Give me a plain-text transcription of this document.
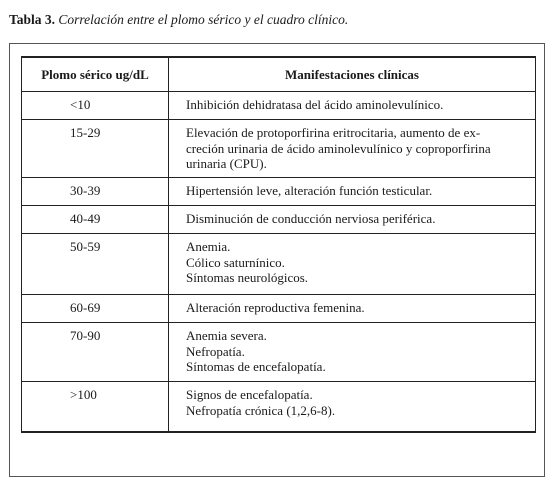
Tabla 3. Correlación entre el plomo sérico y el cuadro clínico.
Plomo sérico ug/dL	Manifestaciones clínicas
<10	Inhibición dehidratasa del ácido aminolevulínico.

15-29	Elevación de protoporfirina eritrocitaria, aumento de ex-
creción urinaria de ácido aminolevulínico y coproporfirina
urinaria (CPU).

30-39	Hipertensión leve, alteración función testicular.

40-49	Disminución de conducción nerviosa periférica.

50-59	Anemia.
Cólico saturnínico.
Síntomas neurológicos.

60-69	Alteración reproductiva femenina.

70-90	Anemia severa.
Nefropatía.
Síntomas de encefalopatía.

>100	Signos de encefalopatía.
Nefropatía crónica (1,2,6-8).
